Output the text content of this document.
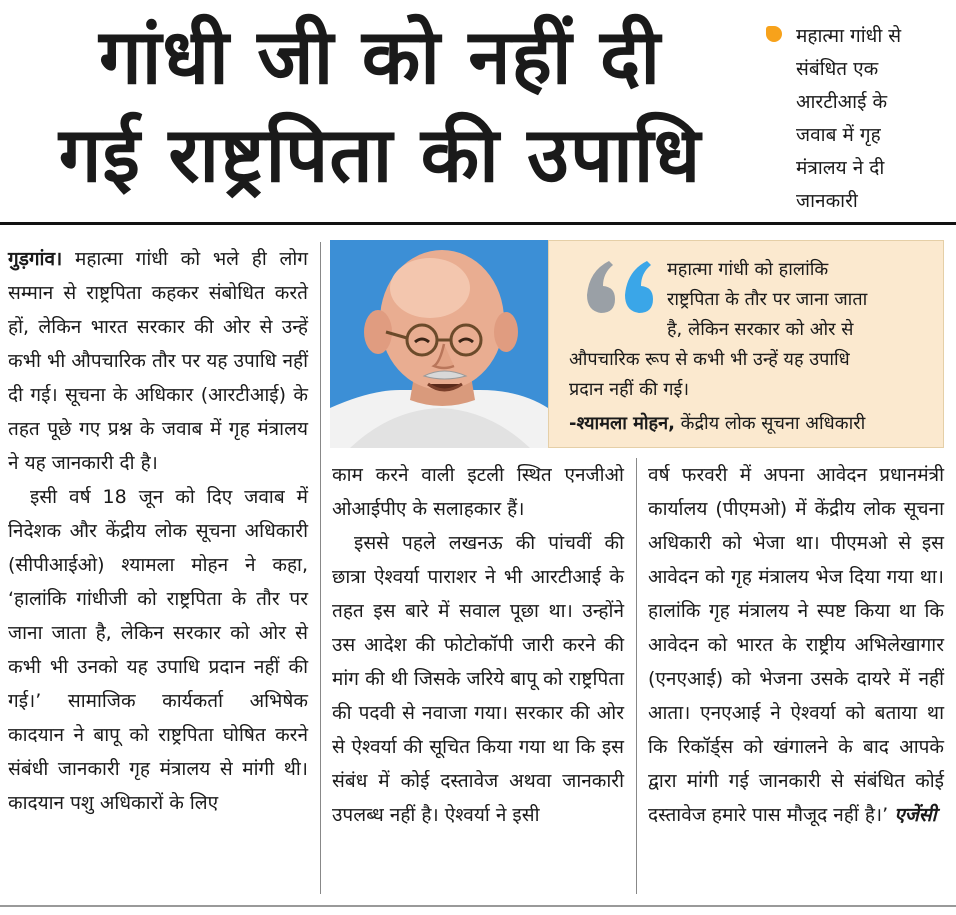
गांधी जी को नहीं दी
गई राष्ट्रपिता की उपाधि

महात्मा गांधी से
संबंधित एक
आरटीआई के
जवाब में गृह
मंत्रालय ने दी
जानकारी

गुड़गांव। महात्मा गांधी को भले ही लोग सम्मान से राष्ट्रपिता कहकर संबोधित करते हों, लेकिन भारत सरकार की ओर से उन्हें कभी भी औपचारिक तौर पर यह उपाधि नहीं दी गई। सूचना के अधिकार (आरटीआई) के तहत पूछे गए प्रश्न के जवाब में गृह मंत्रालय ने यह जानकारी दी है।

इसी वर्ष 18 जून को दिए जवाब में निदेशक और केंद्रीय लोक सूचना अधिकारी (सीपीआईओ) श्यामला मोहन ने कहा, ‘हालांकि गांधीजी को राष्ट्रपिता के तौर पर जाना जाता है, लेकिन सरकार को ओर से कभी भी उनको यह उपाधि प्रदान नहीं की गई।’ सामाजिक कार्यकर्ता अभिषेक कादयान ने बापू को राष्ट्रपिता घोषित करने संबंधी जानकारी गृह मंत्रालय से मांगी थी। कादयान पशु अधिकारों के लिए

महात्मा गांधी को हालांकि
राष्ट्रपिता के तौर पर जाना जाता
है, लेकिन सरकार को ओर से
औपचारिक रूप से कभी भी उन्हें यह उपाधि
प्रदान नहीं की गई।

-श्यामला मोहन, केंद्रीय लोक सूचना अधिकारी

काम करने वाली इटली स्थित एनजीओ ओआईपीए के सलाहकार हैं।

इससे पहले लखनऊ की पांचवीं की छात्रा ऐश्वर्या पाराशर ने भी आरटीआई के तहत इस बारे में सवाल पूछा था। उन्होंने उस आदेश की फोटोकॉपी जारी करने की मांग की थी जिसके जरिये बापू को राष्ट्रपिता की पदवी से नवाजा गया। सरकार की ओर से ऐश्वर्या की सूचित किया गया था कि इस संबंध में कोई दस्तावेज अथवा जानकारी उपलब्ध नहीं है। ऐश्वर्या ने इसी

वर्ष फरवरी में अपना आवेदन प्रधानमंत्री कार्यालय (पीएमओ) में केंद्रीय लोक सूचना अधिकारी को भेजा था। पीएमओ से इस आवेदन को गृह मंत्रालय भेज दिया गया था। हालांकि गृह मंत्रालय ने स्पष्ट किया था कि आवेदन को भारत के राष्ट्रीय अभिलेखागार (एनएआई) को भेजना उसके दायरे में नहीं आता। एनएआई ने ऐश्वर्या को बताया था कि रिकॉर्ड्स को खंगालने के बाद आपके द्वारा मांगी गई जानकारी से संबंधित कोई दस्तावेज हमारे पास मौजूद नहीं है।’ एजेंसी
